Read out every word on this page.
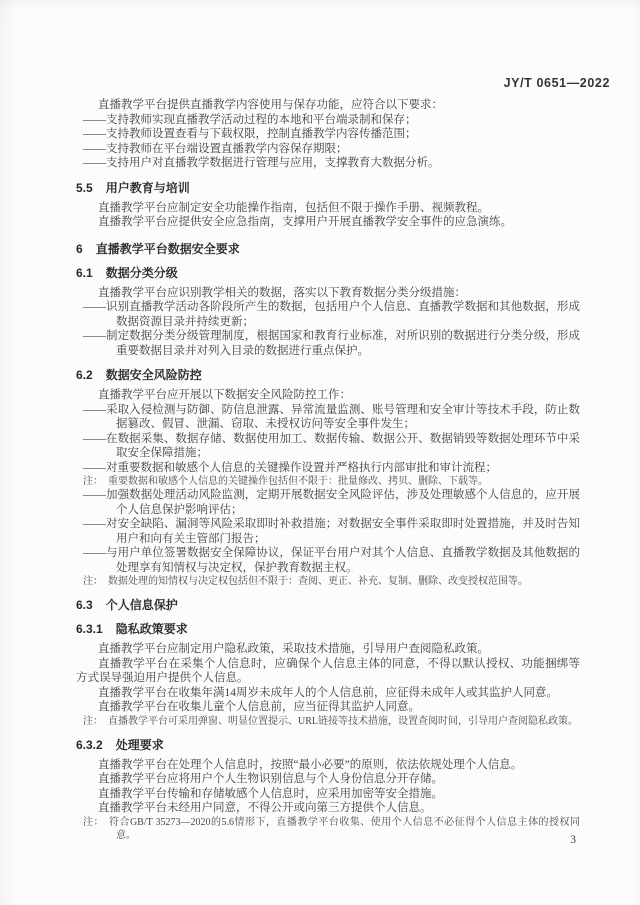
JY/T 0651—2022
直播教学平台提供直播教学内容使用与保存功能，应符合以下要求：
——支持教师实现直播教学活动过程的本地和平台端录制和保存；
——支持教师设置查看与下载权限，控制直播教学内容传播范围；
——支持教师在平台端设置直播教学内容保存期限；
——支持用户对直播教学数据进行管理与应用，支撑教育大数据分析。
5.5 用户教育与培训
直播教学平台应制定安全功能操作指南，包括但不限于操作手册、视频教程。
直播教学平台应提供安全应急指南，支撑用户开展直播教学安全事件的应急演练。
6 直播教学平台数据安全要求
6.1 数据分类分级
直播教学平台应识别教学相关的数据，落实以下教育数据分类分级措施：
——识别直播教学活动各阶段所产生的数据，包括用户个人信息、直播教学数据和其他数据，形成数据资源目录并持续更新；
——制定数据分类分级管理制度，根据国家和教育行业标准，对所识别的数据进行分类分级，形成重要数据目录并对列入目录的数据进行重点保护。
6.2 数据安全风险防控
直播教学平台应开展以下数据安全风险防控工作：
——采取入侵检测与防御、防信息泄露、异常流量监测、账号管理和安全审计等技术手段，防止数据篡改、假冒、泄漏、窃取、未授权访问等安全事件发生；
——在数据采集、数据存储、数据使用加工、数据传输、数据公开、数据销毁等数据处理环节中采取安全保障措施；
——对重要数据和敏感个人信息的关键操作设置并严格执行内部审批和审计流程；
注： 重要数据和敏感个人信息的关键操作包括但不限于：批量修改、拷贝、删除、下载等。
——加强数据处理活动风险监测，定期开展数据安全风险评估，涉及处理敏感个人信息的，应开展个人信息保护影响评估；
——对安全缺陷、漏洞等风险采取即时补救措施；对数据安全事件采取即时处置措施，并及时告知用户和向有关主管部门报告；
——与用户单位签署数据安全保障协议，保证平台用户对其个人信息、直播教学数据及其他数据的处理享有知情权与决定权，保护教育数据主权。
注： 数据处理的知情权与决定权包括但不限于：查阅、更正、补充、复制、删除、改变授权范围等。
6.3 个人信息保护
6.3.1 隐私政策要求
直播教学平台应制定用户隐私政策，采取技术措施，引导用户查阅隐私政策。
直播教学平台在采集个人信息时，应确保个人信息主体的同意，不得以默认授权、功能捆绑等方式误导强迫用户提供个人信息。
直播教学平台在收集年满14周岁未成年人的个人信息前，应征得未成年人或其监护人同意。
直播教学平台在收集儿童个人信息前，应当征得其监护人同意。
注： 直播教学平台可采用弹窗、明显位置提示、URL链接等技术措施，设置查阅时间，引导用户查阅隐私政策。
6.3.2 处理要求
直播教学平台在处理个人信息时，按照“最小必要”的原则，依法依规处理个人信息。
直播教学平台应将用户个人生物识别信息与个人身份信息分开存储。
直播教学平台传输和存储敏感个人信息时，应采用加密等安全措施。
直播教学平台未经用户同意，不得公开或向第三方提供个人信息。
注： 符合GB/T 35273—2020的5.6情形下，直播教学平台收集、使用个人信息不必征得个人信息主体的授权同意。	3
